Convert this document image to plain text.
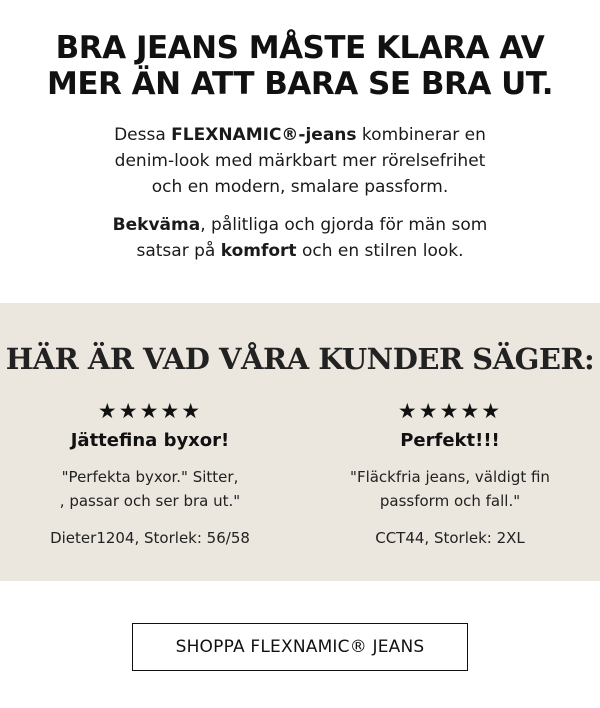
BRA JEANS MÅSTE KLARA AV
MER ÄN ATT BARA SE BRA UT.

Dessa FLEXNAMIC®-jeans kombinerar en
denim-look med märkbart mer rörelsefrihet
och en modern, smalare passform.

Bekväma, pålitliga och gjorda för män som
satsar på komfort och en stilren look.

HÄR ÄR VAD VÅRA KUNDER SÄGER:
★★★★★
Jättefina byxor!
"Perfekta byxor." Sitter,
, passar och ser bra ut."
Dieter1204, Storlek: 56/58
★★★★★
Perfekt!!!
"Fläckfria jeans, väldigt fin
passform och fall."
CCT44, Storlek: 2XL
SHOPPA FLEXNAMIC® JEANS
